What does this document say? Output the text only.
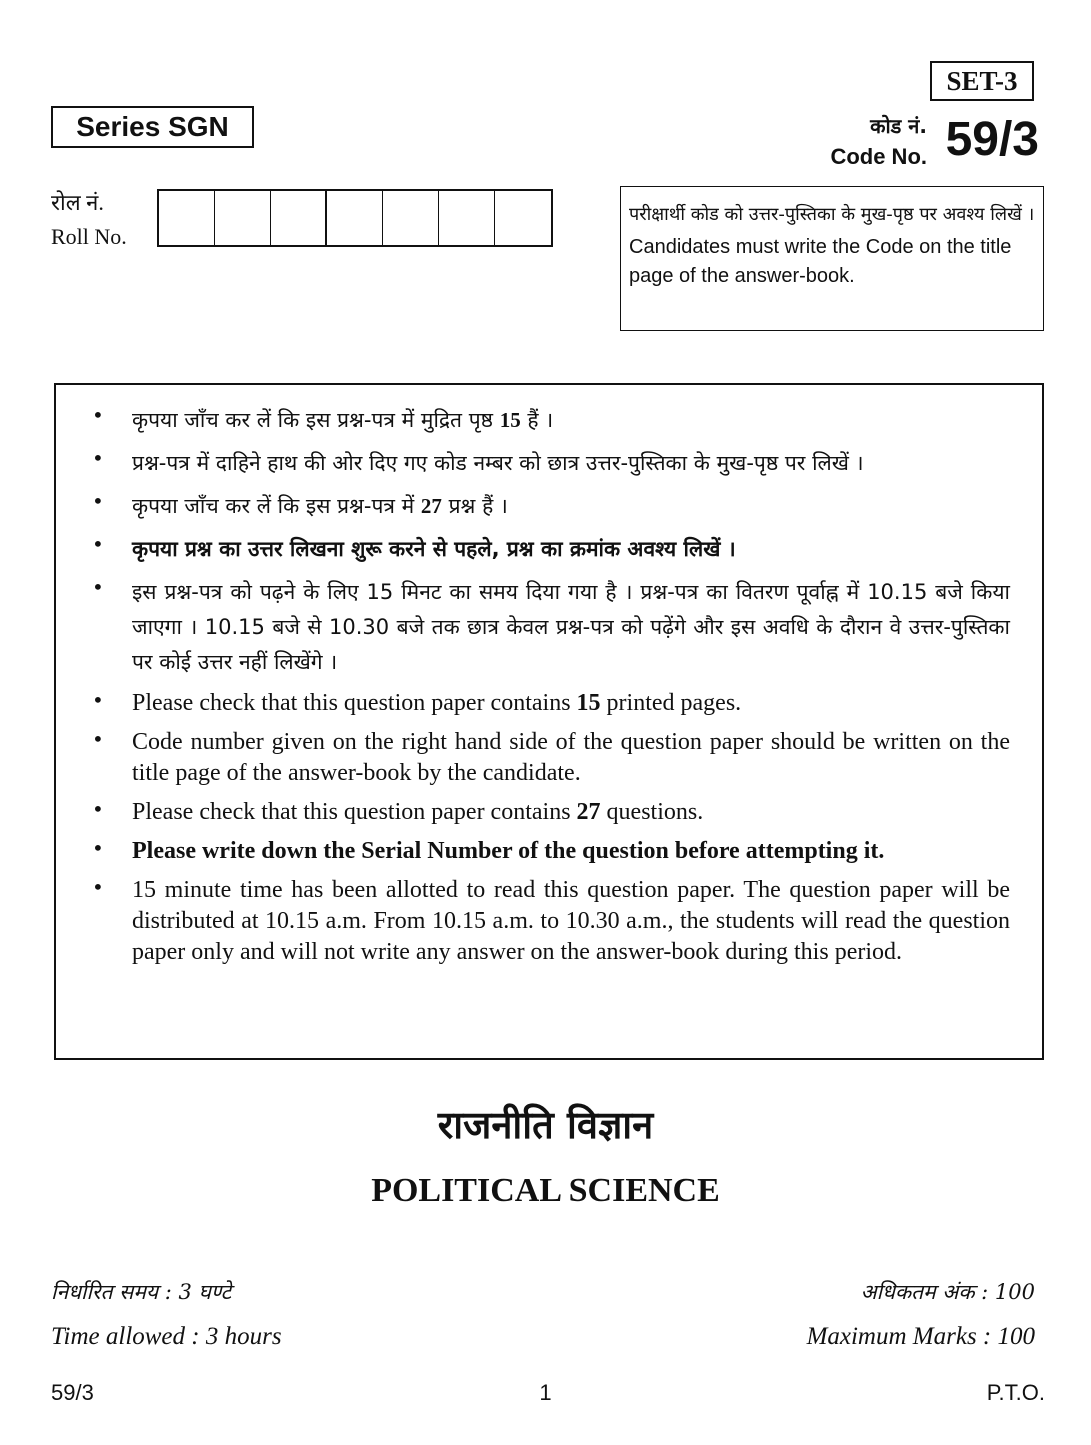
SET-3
Series SGN	कोड नं.
Code No. 59/3
रोल नं.
Roll No.
परीक्षार्थी कोड को उत्तर-पुस्तिका के मुख-पृष्ठ पर अवश्य लिखें ।
Candidates must write the Code on the title page of the answer-book.
• कृपया जाँच कर लें कि इस प्रश्न-पत्र में मुद्रित पृष्ठ 15 हैं ।
• प्रश्न-पत्र में दाहिने हाथ की ओर दिए गए कोड नम्बर को छात्र उत्तर-पुस्तिका के मुख-पृष्ठ पर लिखें ।
• कृपया जाँच कर लें कि इस प्रश्न-पत्र में 27 प्रश्न हैं ।
• कृपया प्रश्न का उत्तर लिखना शुरू करने से पहले, प्रश्न का क्रमांक अवश्य लिखें ।
• इस प्रश्न-पत्र को पढ़ने के लिए 15 मिनट का समय दिया गया है । प्रश्न-पत्र का वितरण पूर्वाह्न में 10.15 बजे किया जाएगा । 10.15 बजे से 10.30 बजे तक छात्र केवल प्रश्न-पत्र को पढ़ेंगे और इस अवधि के दौरान वे उत्तर-पुस्तिका पर कोई उत्तर नहीं लिखेंगे ।
• Please check that this question paper contains 15 printed pages.
• Code number given on the right hand side of the question paper should be written on the title page of the answer-book by the candidate.
• Please check that this question paper contains 27 questions.
• Please write down the Serial Number of the question before attempting it.
• 15 minute time has been allotted to read this question paper. The question paper will be distributed at 10.15 a.m. From 10.15 a.m. to 10.30 a.m., the students will read the question paper only and will not write any answer on the answer-book during this period.
राजनीति विज्ञान
POLITICAL SCIENCE
निर्धारित समय : 3 घण्टे	अधिकतम अंक : 100
Time allowed : 3 hours	Maximum Marks : 100
59/3	1	P.T.O.
